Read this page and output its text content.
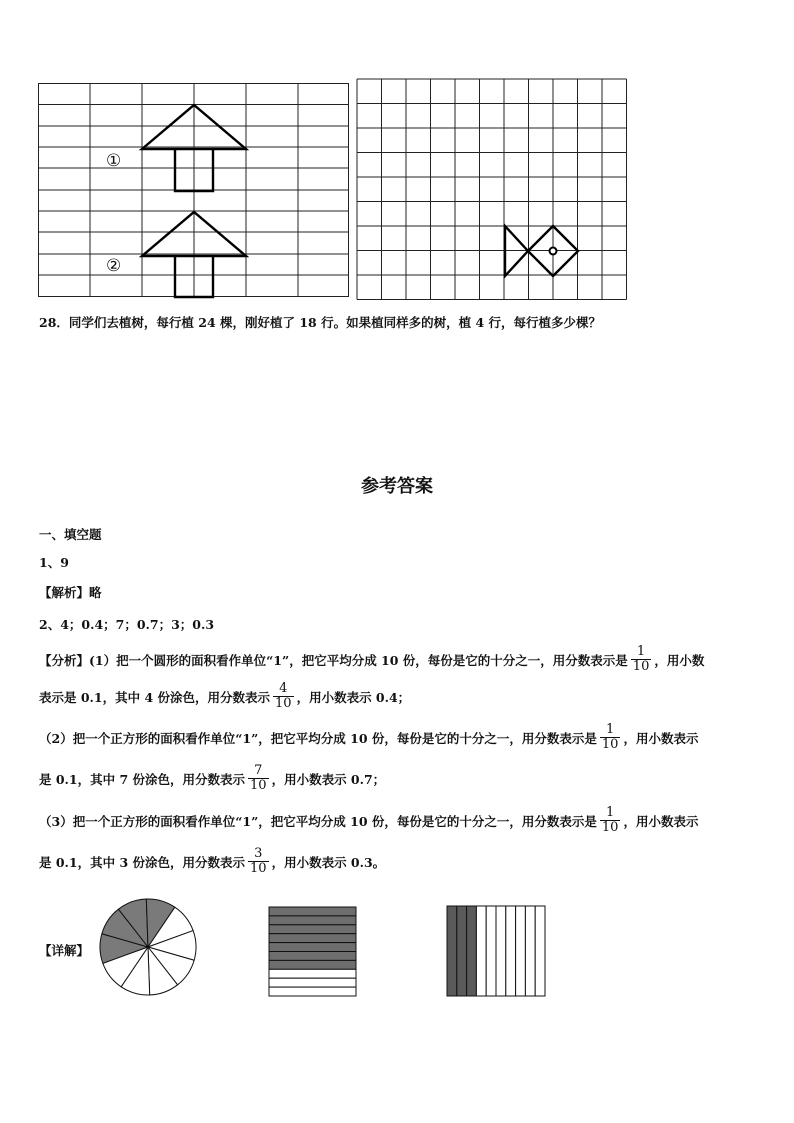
①
②
28．同学们去植树，每行植 24 棵，刚好植了 18 行。如果植同样多的树，植 4 行，每行植多少棵？
参考答案
一、填空题
1、9
【解析】略
2、4；0.4；7；0.7；3；0.3
【分析】(1）把一个圆形的面积看作单位“1”，把它平均分成 10 份，每份是它的十分之一，用分数表示是 $\frac{1}{10}$ ，用小数
表示是 0.1，其中 4 份涂色，用分数表示 $\frac{4}{10}$ ，用小数表示 0.4；
（2）把一个正方形的面积看作单位“1”，把它平均分成 10 份，每份是它的十分之一，用分数表示是 $\frac{1}{10}$ ，用小数表示
是 0.1，其中 7 份涂色，用分数表示 $\frac{7}{10}$ ，用小数表示 0.7；
（3）把一个正方形的面积看作单位“1”，把它平均分成 10 份，每份是它的十分之一，用分数表示是 $\frac{1}{10}$ ，用小数表示
是 0.1，其中 3 份涂色，用分数表示 $\frac{3}{10}$ ，用小数表示 0.3。
【详解】
